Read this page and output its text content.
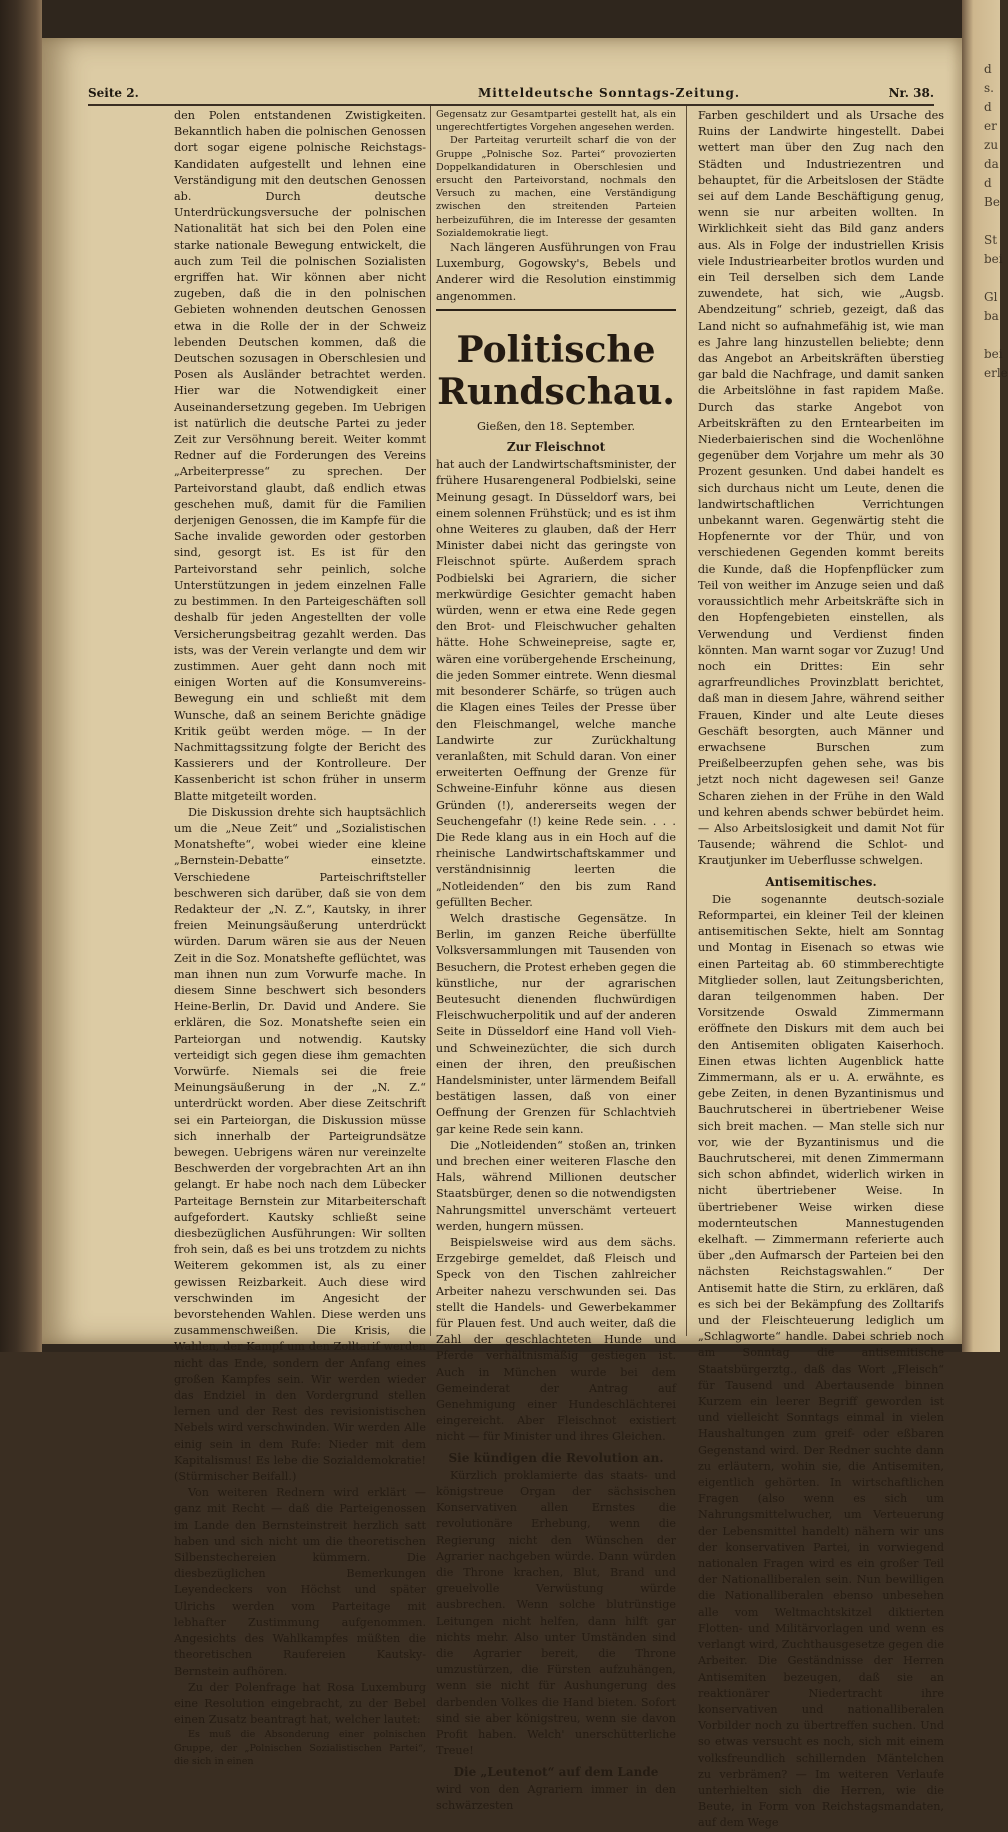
d
s.
d
er
zu
da
d
Be

St
bei

Gl
ba

bei
erle
Seite 2.	Mitteldeutsche Sonntags-Zeitung.	Nr. 38.

den Polen entstandenen Zwistigkeiten. Bekanntlich haben die polnischen Genossen dort sogar eigene polnische Reichstags-Kandidaten aufgestellt und lehnen eine Verständigung mit den deutschen Genossen ab. Durch deutsche Unterdrückungsversuche der polnischen Nationalität hat sich bei den Polen eine starke nationale Bewegung entwickelt, die auch zum Teil die polnischen Sozialisten ergriffen hat. Wir können aber nicht zugeben, daß die in den polnischen Gebieten wohnenden deutschen Genossen etwa in die Rolle der in der Schweiz lebenden Deutschen kommen, daß die Deutschen sozusagen in Oberschlesien und Posen als Ausländer betrachtet werden. Hier war die Notwendigkeit einer Auseinandersetzung gegeben. Im Uebrigen ist natürlich die deutsche Partei zu jeder Zeit zur Versöhnung bereit. Weiter kommt Redner auf die Forderungen des Vereins „Arbeiterpresse“ zu sprechen. Der Parteivorstand glaubt, daß endlich etwas geschehen muß, damit für die Familien derjenigen Genossen, die im Kampfe für die Sache invalide geworden oder gestorben sind, gesorgt ist. Es ist für den Parteivorstand sehr peinlich, solche Unterstützungen in jedem einzelnen Falle zu bestimmen. In den Parteigeschäften soll deshalb für jeden Angestellten der volle Versicherungsbeitrag gezahlt werden. Das ists, was der Verein verlangte und dem wir zustimmen. Auer geht dann noch mit einigen Worten auf die Konsumvereins-Bewegung ein und schließt mit dem Wunsche, daß an seinem Berichte gnädige Kritik geübt werden möge. — In der Nachmittagssitzung folgte der Bericht des Kassierers und der Kontrolleure. Der Kassenbericht ist schon früher in unserm Blatte mitgeteilt worden.

Die Diskussion drehte sich hauptsächlich um die „Neue Zeit“ und „Sozialistischen Monatshefte“, wobei wieder eine kleine „Bernstein-Debatte“ einsetzte. Verschiedene Parteischriftsteller beschweren sich darüber, daß sie von dem Redakteur der „N. Z.“, Kautsky, in ihrer freien Meinungsäußerung unterdrückt würden. Darum wären sie aus der Neuen Zeit in die Soz. Monatshefte geflüchtet, was man ihnen nun zum Vorwurfe mache. In diesem Sinne beschwert sich besonders Heine-Berlin, Dr. David und Andere. Sie erklären, die Soz. Monatshefte seien ein Parteiorgan und notwendig. Kautsky verteidigt sich gegen diese ihm gemachten Vorwürfe. Niemals sei die freie Meinungsäußerung in der „N. Z.“ unterdrückt worden. Aber diese Zeitschrift sei ein Parteiorgan, die Diskussion müsse sich innerhalb der Parteigrundsätze bewegen. Uebrigens wären nur vereinzelte Beschwerden der vorgebrachten Art an ihn gelangt. Er habe noch nach dem Lübecker Parteitage Bernstein zur Mitarbeiterschaft aufgefordert. Kautsky schließt seine diesbezüglichen Ausführungen: Wir sollten froh sein, daß es bei uns trotzdem zu nichts Weiterem gekommen ist, als zu einer gewissen Reizbarkeit. Auch diese wird verschwinden im Angesicht der bevorstehenden Wahlen. Diese werden uns zusammenschweißen. Die Krisis, die Wahlen, der Kampf um den Zolltarif werden nicht das Ende, sondern der Anfang eines großen Kampfes sein. Wir werden wieder das Endziel in den Vordergrund stellen lernen und der Rest des revisionistischen Nebels wird verschwinden. Wir werden Alle einig sein in dem Rufe: Nieder mit dem Kapitalismus! Es lebe die Sozialdemokratie! (Stürmischer Beifall.)

Von weiteren Rednern wird erklärt — ganz mit Recht — daß die Parteigenossen im Lande den Bernsteinstreit herzlich satt haben und sich nicht um die theoretischen Silbenstechereien kümmern. Die diesbezüglichen Bemerkungen Leyendeckers von Höchst und später Ulrichs werden vom Parteitage mit lebhafter Zustimmung aufgenommen. Angesichts des Wahlkampfes müßten die theoretischen Raufereien Kautsky-Bernstein aufhören.

Zu der Polenfrage hat Rosa Luxemburg eine Resolution eingebracht, zu der Bebel einen Zusatz beantragt hat, welcher lautet:

Es muß die Absonderung einer polnischen Gruppe, der „Polnischen Sozialistischen Partei“, die sich in einen

Gegensatz zur Gesamtpartei gestellt hat, als ein ungerechtfertigtes Vorgehen angesehen werden.

Der Parteitag verurteilt scharf die von der Gruppe „Polnische Soz. Partei“ provozierten Doppelkandidaturen in Oberschlesien und ersucht den Parteivorstand, nochmals den Versuch zu machen, eine Verständigung zwischen den streitenden Parteien herbeizuführen, die im Interesse der gesamten Sozialdemokratie liegt.

Nach längeren Ausführungen von Frau Luxemburg, Gogowsky's, Bebels und Anderer wird die Resolution einstimmig angenommen.

Politische Rundschau.
Gießen, den 18. September.
Zur Fleischnot

hat auch der Landwirtschaftsminister, der frühere Husarengeneral Podbielski, seine Meinung gesagt. In Düsseldorf wars, bei einem solennen Frühstück; und es ist ihm ohne Weiteres zu glauben, daß der Herr Minister dabei nicht das geringste von Fleischnot spürte. Außerdem sprach Podbielski bei Agrariern, die sicher merkwürdige Gesichter gemacht haben würden, wenn er etwa eine Rede gegen den Brot- und Fleischwucher gehalten hätte. Hohe Schweinepreise, sagte er, wären eine vorübergehende Erscheinung, die jeden Sommer eintrete. Wenn diesmal mit besonderer Schärfe, so trügen auch die Klagen eines Teiles der Presse über den Fleischmangel, welche manche Landwirte zur Zurückhaltung veranlaßten, mit Schuld daran. Von einer erweiterten Oeffnung der Grenze für Schweine-Einfuhr könne aus diesen Gründen (!), andererseits wegen der Seuchengefahr (!) keine Rede sein. . . . Die Rede klang aus in ein Hoch auf die rheinische Landwirtschaftskammer und verständnisinnig leerten die „Notleidenden“ den bis zum Rand gefüllten Becher.

Welch drastische Gegensätze. In Berlin, im ganzen Reiche überfüllte Volksversammlungen mit Tausenden von Besuchern, die Protest erheben gegen die künstliche, nur der agrarischen Beutesucht dienenden fluchwürdigen Fleischwucherpolitik und auf der anderen Seite in Düsseldorf eine Hand voll Vieh- und Schweinezüchter, die sich durch einen der ihren, den preußischen Handelsminister, unter lärmendem Beifall bestätigen lassen, daß von einer Oeffnung der Grenzen für Schlachtvieh gar keine Rede sein kann.

Die „Notleidenden“ stoßen an, trinken und brechen einer weiteren Flasche den Hals, während Millionen deutscher Staatsbürger, denen so die notwendigsten Nahrungsmittel unverschämt verteuert werden, hungern müssen.

Beispielsweise wird aus dem sächs. Erzgebirge gemeldet, daß Fleisch und Speck von den Tischen zahlreicher Arbeiter nahezu verschwunden sei. Das stellt die Handels- und Gewerbekammer für Plauen fest. Und auch weiter, daß die Zahl der geschlachteten Hunde und Pferde verhältnismäßig gestiegen ist. Auch in München wurde bei dem Gemeinderat der Antrag auf Genehmigung einer Hundeschlächterei eingereicht. Aber Fleischnot existiert nicht — für Minister und ihres Gleichen.

Sie kündigen die Revolution an.

Kürzlich proklamierte das staats- und königstreue Organ der sächsischen Konservativen allen Ernstes die revolutionäre Erhebung, wenn die Regierung nicht den Wünschen der Agrarier nachgeben würde. Dann würden die Throne krachen, Blut, Brand und greuelvolle Verwüstung würde ausbrechen. Wenn solche blutrünstige Leitungen nicht helfen, dann hilft gar nichts mehr. Also unter Umständen sind die Agrarier bereit, die Throne umzustürzen, die Fürsten aufzuhängen, wenn sie nicht für Aushungerung des darbenden Volkes die Hand bieten. Sofort sind sie aber königstreu, wenn sie davon Profit haben. Welch' unerschütterliche Treue!

Die „Leutenot“ auf dem Lande

wird von den Agrariern immer in den schwärzesten

Farben geschildert und als Ursache des Ruins der Landwirte hingestellt. Dabei wettert man über den Zug nach den Städten und Industriezentren und behauptet, für die Arbeitslosen der Städte sei auf dem Lande Beschäftigung genug, wenn sie nur arbeiten wollten. In Wirklichkeit sieht das Bild ganz anders aus. Als in Folge der industriellen Krisis viele Industriearbeiter brotlos wurden und ein Teil derselben sich dem Lande zuwendete, hat sich, wie „Augsb. Abendzeitung“ schrieb, gezeigt, daß das Land nicht so aufnahmefähig ist, wie man es Jahre lang hinzustellen beliebte; denn das Angebot an Arbeitskräften überstieg gar bald die Nachfrage, und damit sanken die Arbeitslöhne in fast rapidem Maße. Durch das starke Angebot von Arbeitskräften zu den Erntearbeiten im Niederbaierischen sind die Wochenlöhne gegenüber dem Vorjahre um mehr als 30 Prozent gesunken. Und dabei handelt es sich durchaus nicht um Leute, denen die landwirtschaftlichen Verrichtungen unbekannt waren. Gegenwärtig steht die Hopfenernte vor der Thür, und von verschiedenen Gegenden kommt bereits die Kunde, daß die Hopfenpflücker zum Teil von weither im Anzuge seien und daß voraussichtlich mehr Arbeitskräfte sich in den Hopfengebieten einstellen, als Verwendung und Verdienst finden könnten. Man warnt sogar vor Zuzug! Und noch ein Drittes: Ein sehr agrarfreundliches Provinzblatt berichtet, daß man in diesem Jahre, während seither Frauen, Kinder und alte Leute dieses Geschäft besorgten, auch Männer und erwachsene Burschen zum Preißelbeerzupfen gehen sehe, was bis jetzt noch nicht dagewesen sei! Ganze Scharen ziehen in der Frühe in den Wald und kehren abends schwer bebürdet heim. — Also Arbeitslosigkeit und damit Not für Tausende; während die Schlot- und Krautjunker im Ueberflusse schwelgen.

Antisemitisches.

Die sogenannte deutsch-soziale Reformpartei, ein kleiner Teil der kleinen antisemitischen Sekte, hielt am Sonntag und Montag in Eisenach so etwas wie einen Parteitag ab. 60 stimmberechtigte Mitglieder sollen, laut Zeitungsberichten, daran teilgenommen haben. Der Vorsitzende Oswald Zimmermann eröffnete den Diskurs mit dem auch bei den Antisemiten obligaten Kaiserhoch. Einen etwas lichten Augenblick hatte Zimmermann, als er u. A. erwähnte, es gebe Zeiten, in denen Byzantinismus und Bauchrutscherei in übertriebener Weise sich breit machen. — Man stelle sich nur vor, wie der Byzantinismus und die Bauchrutscherei, mit denen Zimmermann sich schon abfindet, widerlich wirken in nicht übertriebener Weise. In übertriebener Weise wirken diese modernteutschen Mannestugenden ekelhaft. — Zimmermann referierte auch über „den Aufmarsch der Parteien bei den nächsten Reichstagswahlen.“ Der Antisemit hatte die Stirn, zu erklären, daß es sich bei der Bekämpfung des Zolltarifs und der Fleischteuerung lediglich um „Schlagworte“ handle. Dabei schrieb noch am Sonntag die antisemitische Staatsbürgerztg., daß das Wort „Fleisch“ für Tausend und Abertausende binnen Kurzem ein leerer Begriff geworden ist und vielleicht Sonntags einmal in vielen Haushaltungen zum greif- oder eßbaren Gegenstand wird. Der Redner suchte dann zu erläutern, wohin sie, die Antisemiten, eigentlich gehörten. In wirtschaftlichen Fragen (also wenn es sich um Nahrungsmittelwucher, um Verteuerung der Lebensmittel handelt) nähern wir uns der konservativen Partei, in vorwiegend nationalen Fragen wird es ein großer Teil der Nationalliberalen sein. Nun bewilligen die Nationalliberalen ebenso unbesehen alle vom Weltmachtskitzel diktierten Flotten- und Militärvorlagen und wenn es verlangt wird, Zuchthausgesetze gegen die Arbeiter. Die Geständnisse der Herren Antisemiten bezeugen, daß sie an reaktionärer Niedertracht ihre konservativen und nationalliberalen Vorbilder noch zu übertreffen suchen. Und so etwas versucht es noch, sich mit einem volksfreundlich schillernden Mäntelchen zu verbrämen? — Im weiteren Verlaufe unterhielten sich die Herren, wie die Beute, in Form von Reichstagsmandaten, auf dem Wege
